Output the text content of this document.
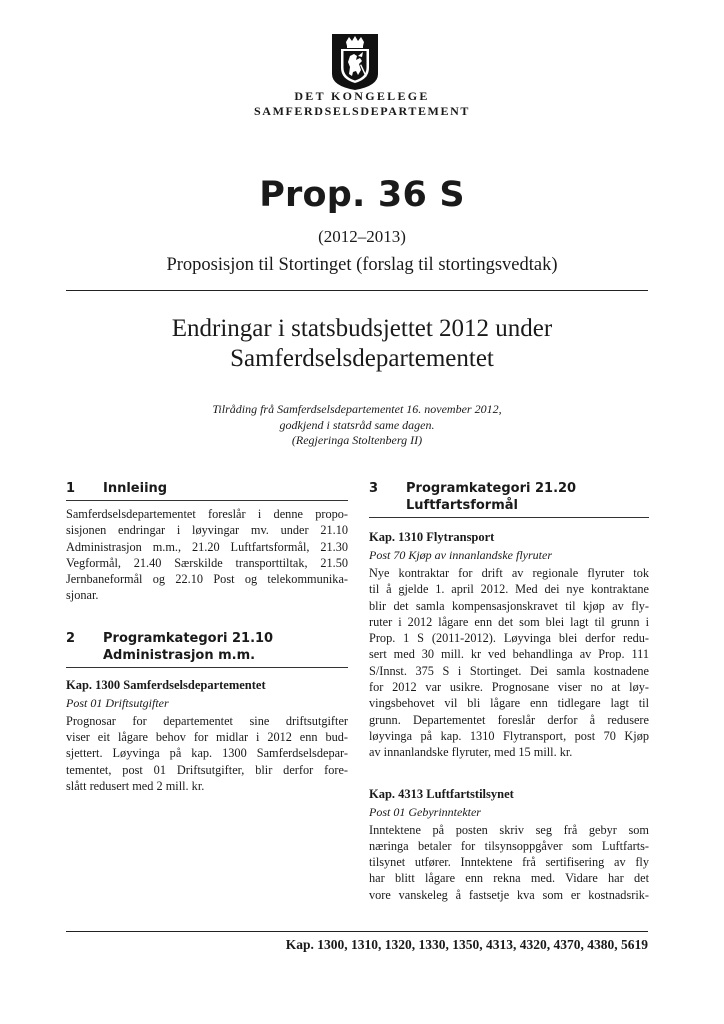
DET KONGELEGE
SAMFERDSELSDEPARTEMENT
Prop. 36 S
(2012–2013)
Proposisjon til Stortinget (forslag til stortingsvedtak)
Endringar i statsbudsjettet 2012 under
Samferdselsdepartementet
Tilråding frå Samferdselsdepartementet 16. november 2012,
godkjend i statsråd same dagen.
(Regjeringa Stoltenberg II)
1	Innleiing
Samferdselsdepartementet foreslår i denne propo-
sisjonen endringar i løyvingar mv. under 21.10
Administrasjon m.m., 21.20 Luftfartsformål, 21.30
Vegformål, 21.40 Særskilde transporttiltak, 21.50
Jernbaneformål og 22.10 Post og telekommunika-
sjonar.
2	Programkategori 21.10
Administrasjon m.m.
Kap. 1300 Samferdselsdepartementet
Post 01 Driftsutgifter
Prognosar for departementet sine driftsutgifter
viser eit lågare behov for midlar i 2012 enn bud-
sjettert. Løyvinga på kap. 1300 Samferdselsdepar-
tementet, post 01 Driftsutgifter, blir derfor fore-
slått redusert med 2 mill. kr.
3	Programkategori 21.20
Luftfartsformål
Kap. 1310 Flytransport
Post 70 Kjøp av innanlandske flyruter
Nye kontraktar for drift av regionale flyruter tok
til å gjelde 1. april 2012. Med dei nye kontraktane
blir det samla kompensasjonskravet til kjøp av fly-
ruter i 2012 lågare enn det som blei lagt til grunn i
Prop. 1 S (2011-2012). Løyvinga blei derfor redu-
sert med 30 mill. kr ved behandlinga av Prop. 111
S/Innst. 375 S i Stortinget. Dei samla kostnadene
for 2012 var usikre. Prognosane viser no at løy-
vingsbehovet vil bli lågare enn tidlegare lagt til
grunn. Departementet foreslår derfor å redusere
løyvinga på kap. 1310 Flytransport, post 70 Kjøp
av innanlandske flyruter, med 15 mill. kr.
Kap. 4313 Luftfartstilsynet
Post 01 Gebyrinntekter
Inntektene på posten skriv seg frå gebyr som
næringa betaler for tilsynsoppgåver som Luftfarts-
tilsynet utfører. Inntektene frå sertifisering av fly
har blitt lågare enn rekna med. Vidare har det
vore vanskeleg å fastsetje kva som er kostnadsrik-
Kap. 1300, 1310, 1320, 1330, 1350, 4313, 4320, 4370, 4380, 5619
